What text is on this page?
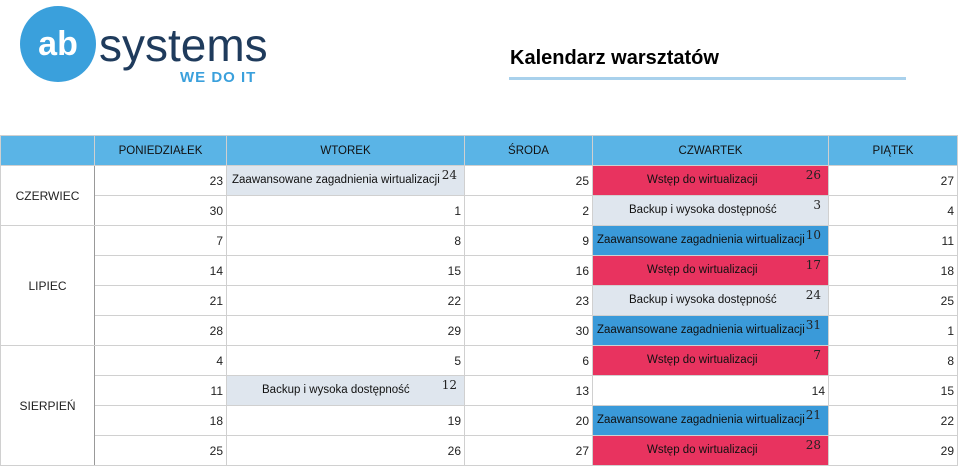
ab systems
WE DO IT
Kalendarz warsztatów
	PONIEDZIAŁEK	WTOREK	ŚRODA	CZWARTEK	PIĄTEK
CZERWIEC	23	Zaawansowane zagadnienia wirtualizacji 24	25	Wstęp do wirtualizacji 26	27
	30	1	2	Backup i wysoka dostępność 3	4
LIPIEC	7	8	9	Zaawansowane zagadnienia wirtualizacji 10	11
	14	15	16	Wstęp do wirtualizacji 17	18
	21	22	23	Backup i wysoka dostępność 24	25
	28	29	30	Zaawansowane zagadnienia wirtualizacji 31	1
SIERPIEŃ	4	5	6	Wstęp do wirtualizacji 7	8
	11	Backup i wysoka dostępność 12	13	14	15
	18	19	20	Zaawansowane zagadnienia wirtualizacji 21	22
	25	26	27	Wstęp do wirtualizacji 28	29
